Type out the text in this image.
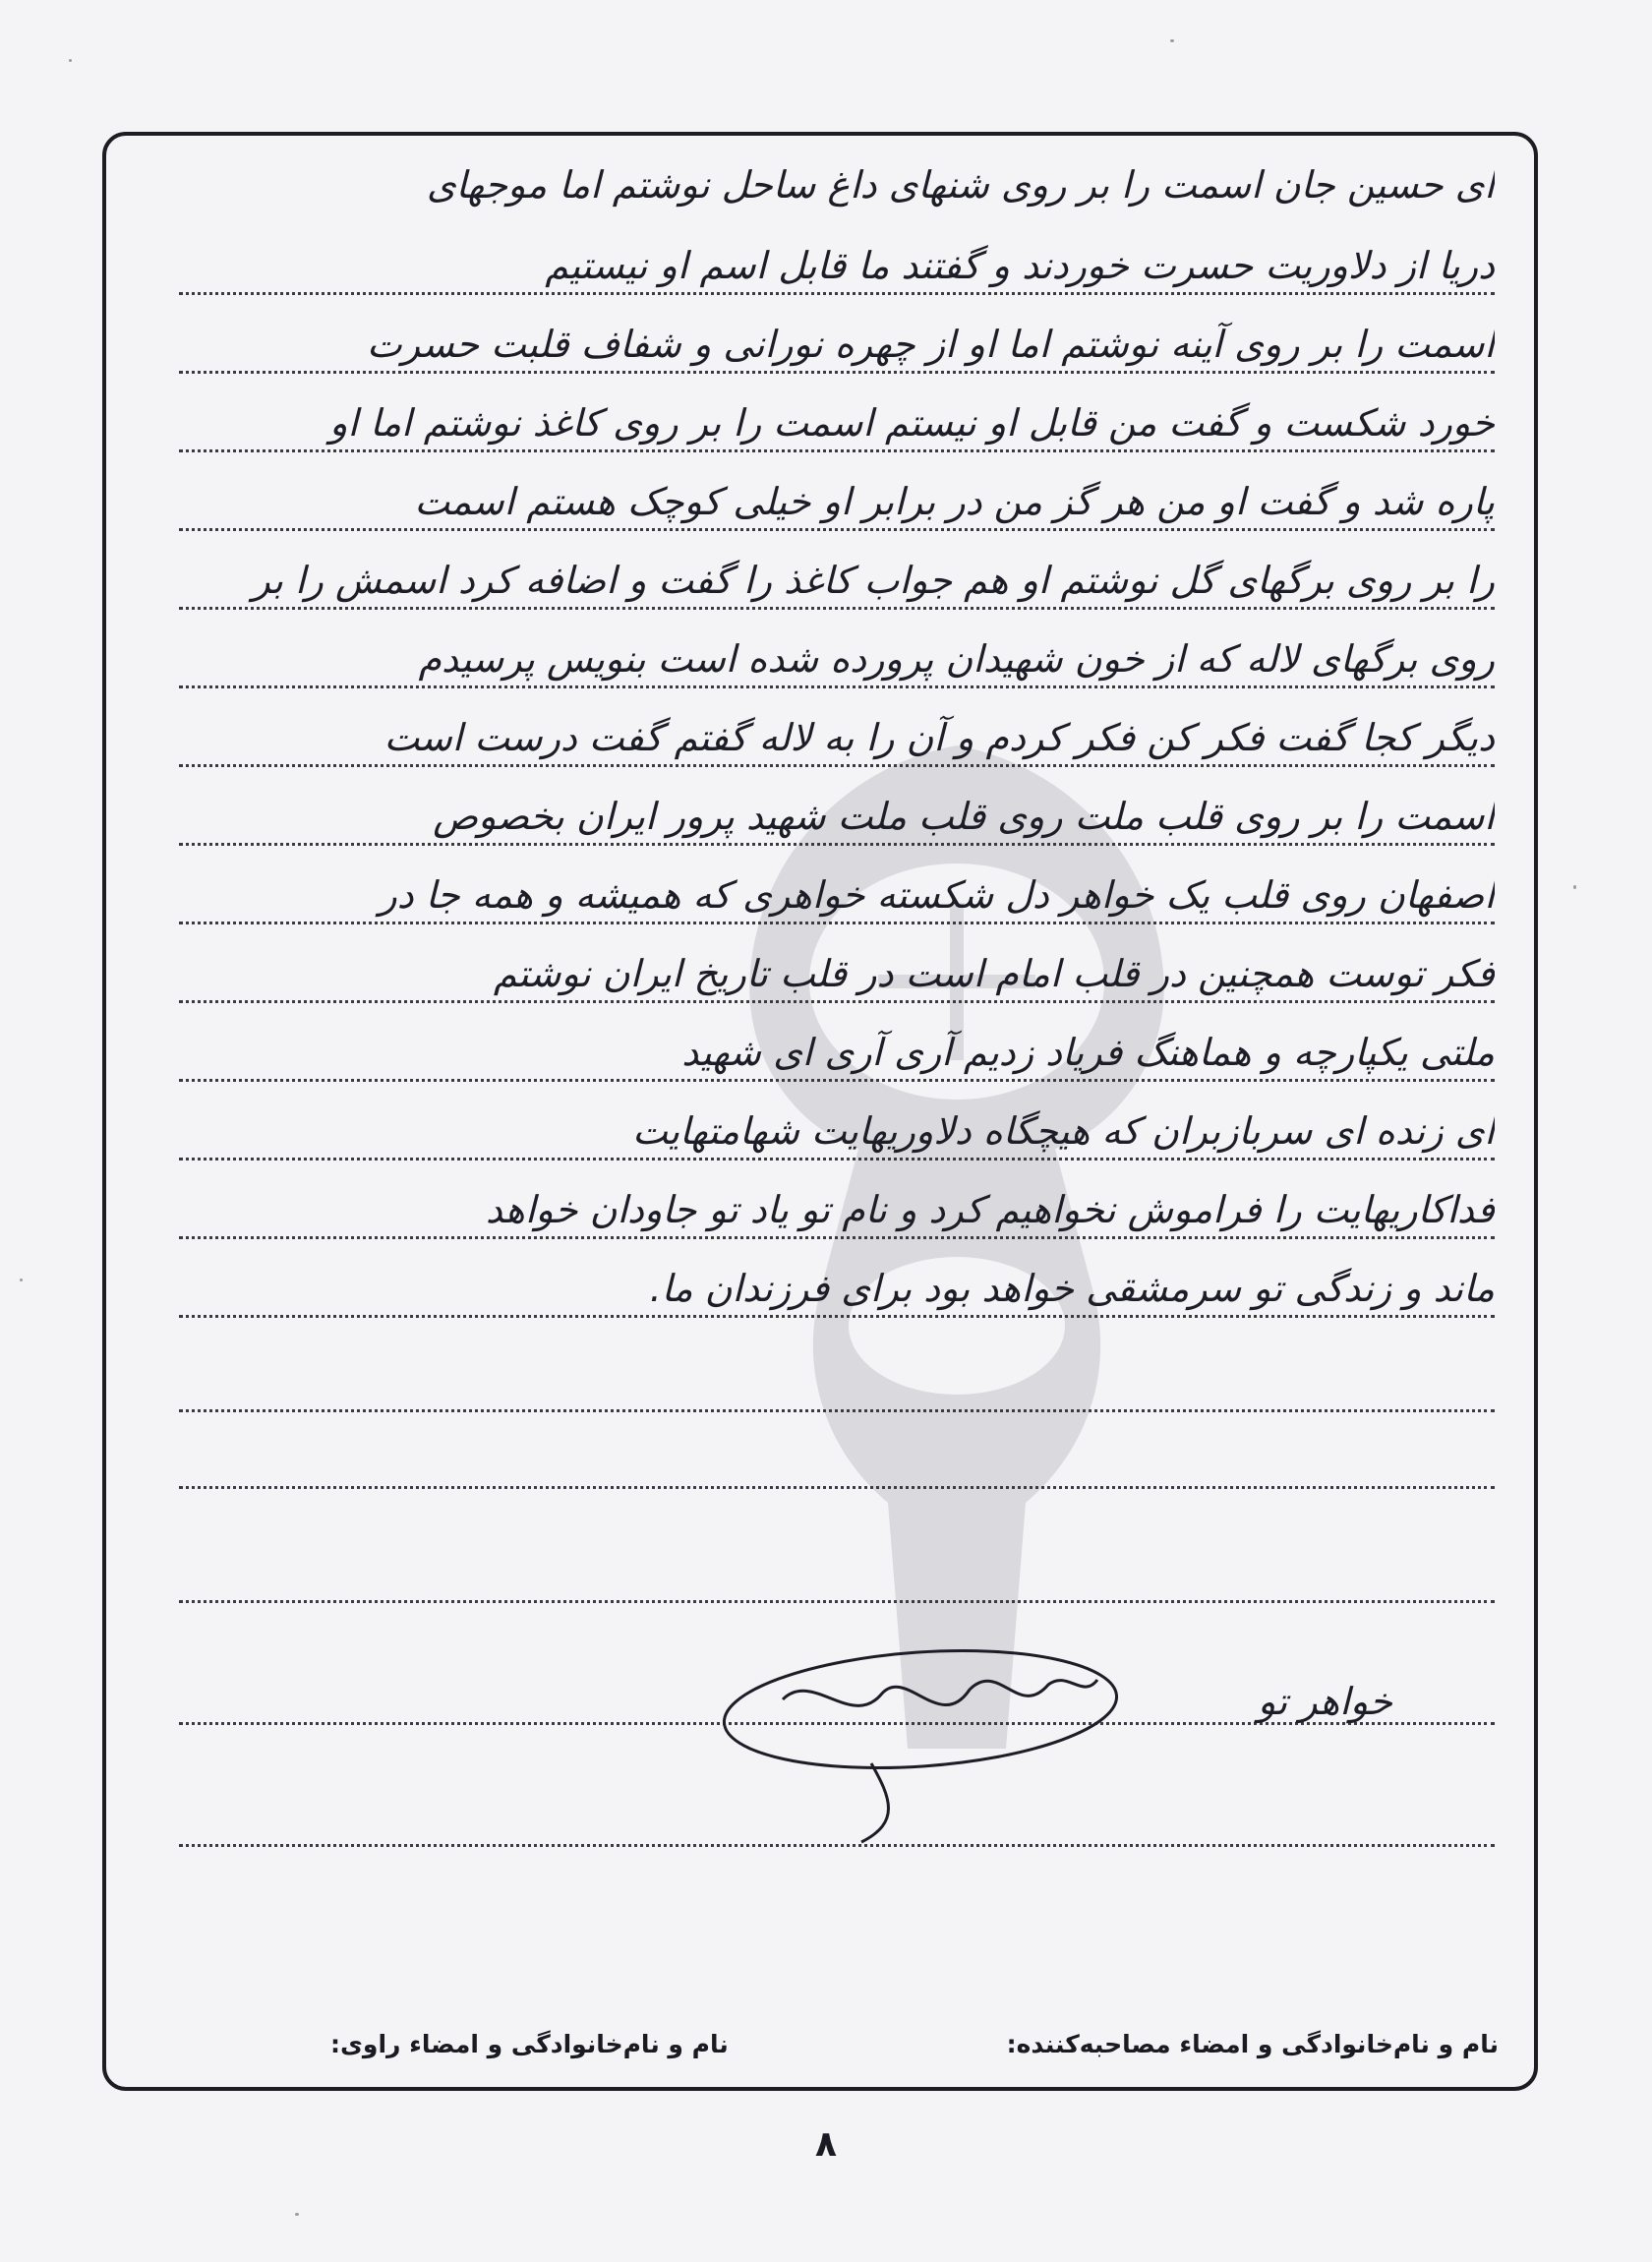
ای حسین جان اسمت را بر روی شنهای داغ ساحل نوشتم اما موجهای
دریا از دلاوریت حسرت خوردند و گفتند ما قابل اسم او نیستیم
اسمت را بر روی آینه نوشتم اما او از چهره نورانی و شفاف قلبت حسرت
خورد شکست و گفت من قابل او نیستم اسمت را بر روی کاغذ نوشتم اما او
پاره شد و گفت او من هر گز من در برابر او خیلی کوچک هستم اسمت
را بر روی برگهای گل نوشتم او هم جواب کاغذ را گفت و اضافه کرد اسمش را بر
روی برگهای لاله که از خون شهیدان پرورده شده است بنویس پرسیدم
دیگر کجا گفت فکر کن فکر کردم و آن را به لاله گفتم گفت درست است
اسمت را بر روی قلب ملت روی قلب ملت شهید پرور ایران بخصوص
اصفهان روی قلب یک خواهر دل شکسته خواهری که همیشه و همه جا در
فکر توست همچنین در قلب امام است در قلب تاریخ ایران نوشتم
ملتی یکپارچه و هماهنگ فریاد زدیم آری آری ای شهید
ای زنده ای سربازبران که هیچگاه دلاوریهایت شهامتهایت
فداکاریهایت را فراموش نخواهیم کرد و نام تو یاد تو جاودان خواهد
ماند و زندگی تو سرمشقی خواهد بود برای فرزندان ما.
خواهر تو
نام و نام‌خانوادگی و امضاء مصاحبه‌کننده:
نام و نام‌خانوادگی و امضاء راوی:
۸
